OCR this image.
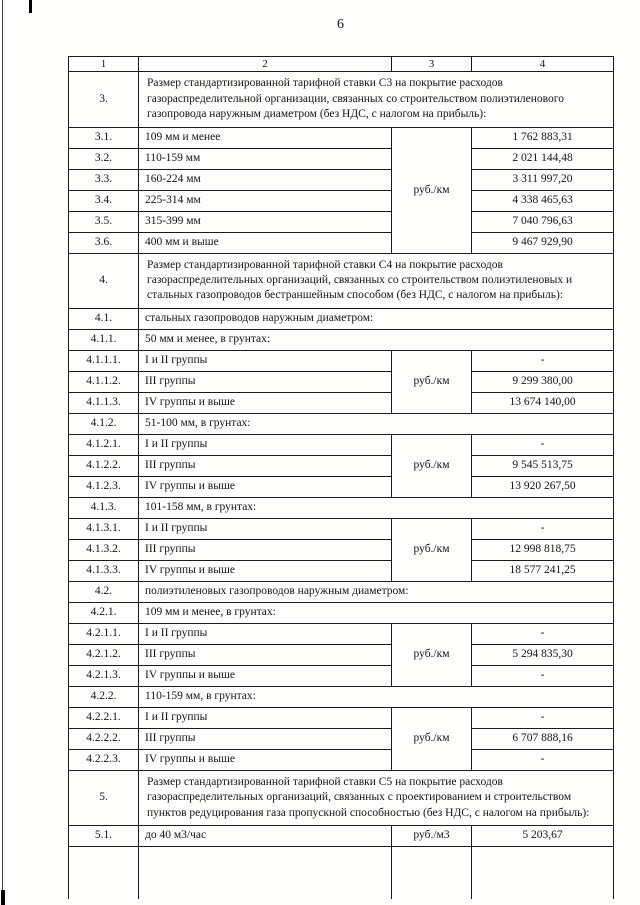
6
1	2	3	4
3.	Размер стандартизированной тарифной ставки С3 на покрытие расходов газораспределительной организации, связанных со строительством полиэтиленового газопровода наружным диаметром (без НДС, с налогом на прибыль):		
3.1.	109 мм и менее	руб./км	1 762 883,31
3.2.	110-159 мм		2 021 144,48
3.3.	160-224 мм		3 311 997,20
3.4.	225-314 мм		4 338 465,63
3.5.	315-399 мм		7 040 796,63
3.6.	400 мм и выше		9 467 929,90
4.	Размер стандартизированной тарифной ставки С4 на покрытие расходов газораспределительных организаций, связанных со строительством полиэтиленовых и стальных газопроводов бестраншейным способом (без НДС, с налогом на прибыль):		
4.1.	стальных газопроводов наружным диаметром:		
4.1.1.	50 мм и менее, в грунтах:		
4.1.1.1.	I и II группы	руб./км	-
4.1.1.2.	III группы		9 299 380,00
4.1.1.3.	IV группы и выше		13 674 140,00
4.1.2.	51-100 мм, в грунтах:		
4.1.2.1.	I и II группы	руб./км	-
4.1.2.2.	III группы		9 545 513,75
4.1.2.3.	IV группы и выше		13 920 267,50
4.1.3.	101-158 мм, в грунтах:		
4.1.3.1.	I и II группы	руб./км	-
4.1.3.2.	III группы		12 998 818,75
4.1.3.3.	IV группы и выше		18 577 241,25
4.2.	полиэтиленовых газопроводов наружным диаметром:		
4.2.1.	109 мм и менее, в грунтах:		
4.2.1.1.	I и II группы	руб./км	-
4.2.1.2.	III группы		5 294 835,30
4.2.1.3.	IV группы и выше		-
4.2.2.	110-159 мм, в грунтах:		
4.2.2.1.	I и II группы	руб./км	-
4.2.2.2.	III группы		6 707 888,16
4.2.2.3.	IV группы и выше		-
5.	Размер стандартизированной тарифной ставки С5 на покрытие расходов газораспределительных организаций, связанных с проектированием и строительством пунктов редуцирования газа пропускной способностью (без НДС, с налогом на прибыль):		
5.1.	до 40 м3/час	руб./м3	5 203,67
